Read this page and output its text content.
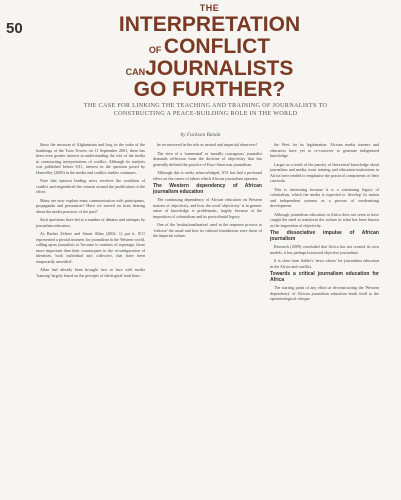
50
THE
INTERPRETATION
OF CONFLICT
CANJOURNALISTS
GO FURTHER?
THE CASE FOR LINKING THE TEACHING AND TRAINING OF JOURNALISTS TO CONSTRUCTING A PEACE-BUILDING ROLE IN THE WORLD
by Fackson Banda

Since the invasion of Afghanistan and Iraq, in the wake of the bombings of the Twin Towers on 11 September 2001, there has been even greater interest in understanding the role of the media in constructing interpretations of conflict. Although its analysis was published before 9/11, interest in the question posed by Hanvelley (2000) in the media and conflict studies continues.

Note that opinion leading news revolves the condition of conflict and engendered the consent around the justification of the effort.

Many are now explain mass communication with participants, propaganda and persuasion? Have we moved on from hearing about the media practices of the past?

Such questions have led to a number of debates and attempts by journalism educators.

As Barber Zelizer and Stuart Allan (2002: 1) put it, 9/11 represented a pivotal moment for journalism in the Western world, calling upon journalists to 'become to routines of reportage, those more important than their counterparts in the reconfiguration of identities, both individual and collective, that have been temporarily unsettled'.

Allan had already been brought face to face with media 'framing' largely based on the precepts of ideological fault lines.

be reconceived in the role as neutral and impartial observers?

The view of a 'nonneutral' or 'morally courageous' journalist demands reflection from the doctrine of objectivity that has generally defined the practice of Euro-American journalism.

Although this is rarely acknowledged, 9/11 has had a profound effect on the career of others which African journalism operates.

The Western dependency of African journalism education

The continuing dependency of African education on Western notions of objectivity, and how the word 'objectivity' is in generic sense of knowledge is problematic, largely because of the imposition of colonialism and its postcolonial legacy.

One of the 'institutionalisation' used in the response process to 'criticise' the usual and how its cultural foundations were those of the imperial culture.

the West for its legitimation. African media trainers and educators have yet to re-conceive to generate indigenised knowledge.

Larger as a result of the paucity of theoretical knowledge about journalism and media, most training and education institutions in Africa have tended to emphasise the practical components of their curricula.

This is interesting because it is a continuing legacy of colonialism, which the media is expected to 'develop' its nation and independent systems as a process of modernising development.

Although journalism education in Africa does not seem to have caught the need to transform the culture in what has been known as the imposition of objectivity.

The dissociative impulse of African journalism

Research (2009) concluded that Africa has not created its own models, it has perhaps borrowed objective journalism.

It is clear from Sahler's 'news values' for journalism education in the Africa and conflict.

Towards a critical journalism education for Africa

The starting point of any effort at deconstructing the 'Western dependency' of African journalism education lends itself to the epistemological critique.
